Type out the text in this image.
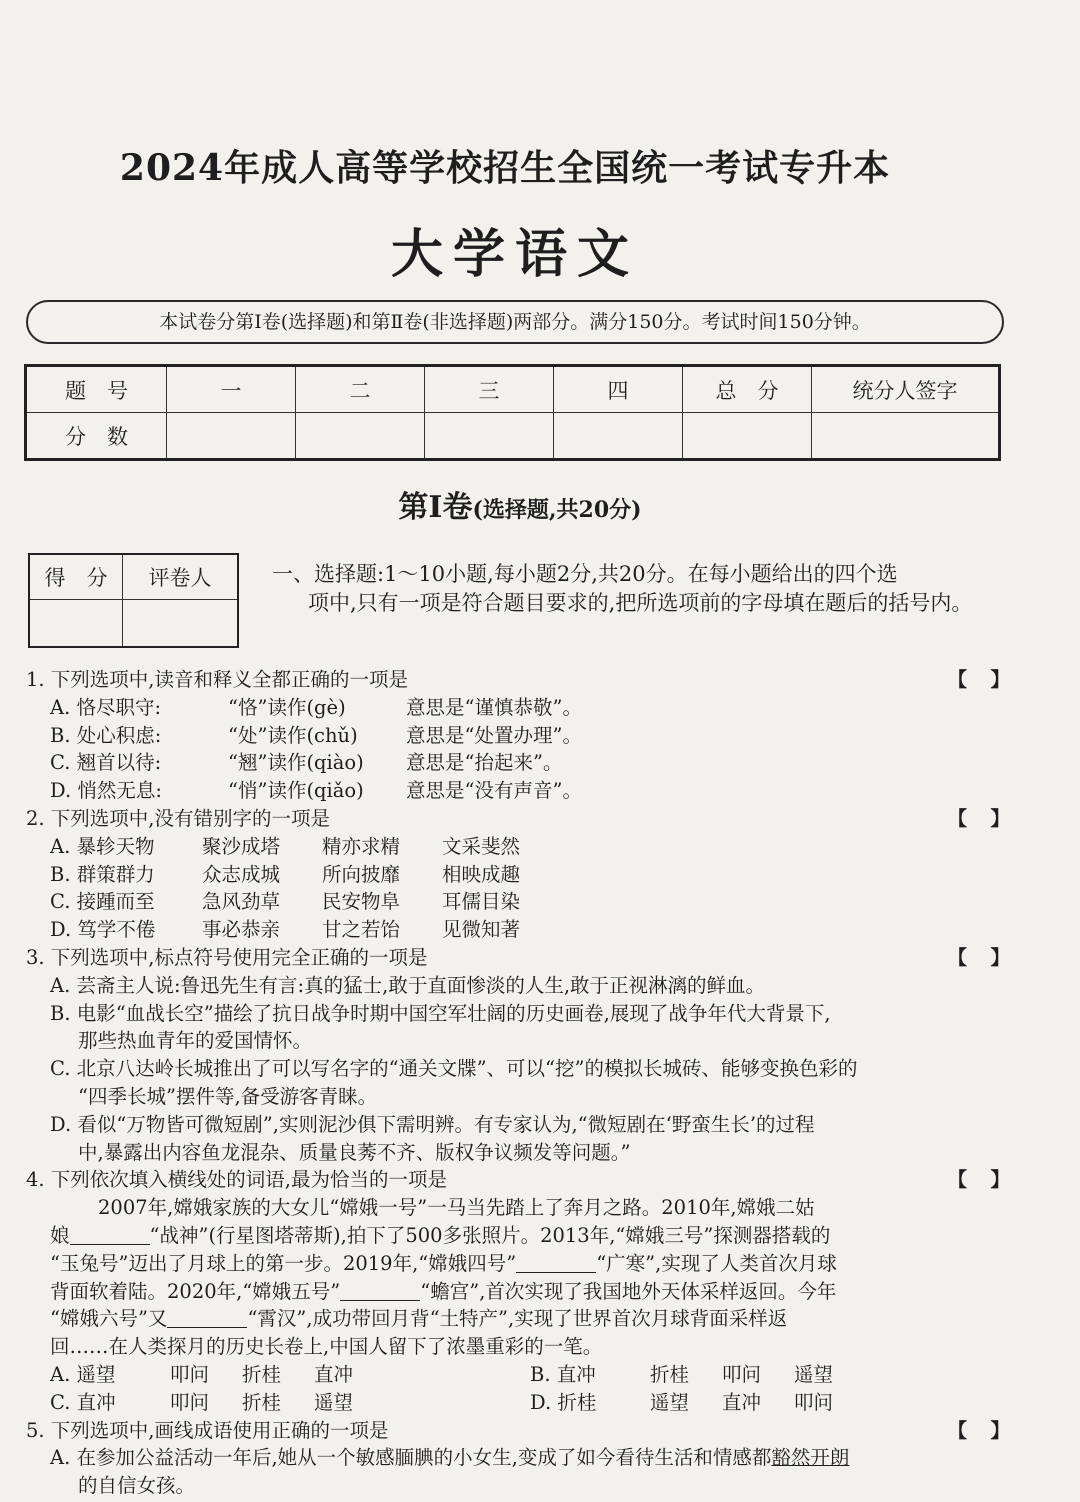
2024年成人高等学校招生全国统一考试专升本
大学语文
本试卷分第Ⅰ卷(选择题)和第Ⅱ卷(非选择题)两部分。满分150分。考试时间150分钟。
题　号	一	二	三	四	总　分	统分人签字
分　数						
第Ⅰ卷(选择题,共20分)
得　分	评卷人
		一、选择题:1～10小题,每小题2分,共20分。在每小题给出的四个选
项中,只有一项是符合题目要求的,把所选项前的字母填在题后的括号内。
1. 下列选项中,读音和释义全都正确的一项是	【　】
A. 恪尽职守:	“恪”读作(gè)	意思是“谨慎恭敬”。
B. 处心积虑:	“处”读作(chǔ) 意思是“处置办理”。
C. 翘首以待:	“翘”读作(qiào) 意思是“抬起来”。
D. 悄然无息:	“悄”读作(qiǎo) 意思是“没有声音”。
2. 下列选项中,没有错别字的一项是	【　】
A. 暴轸天物 聚沙成塔 精亦求精 文采斐然
B. 群策群力 众志成城 所向披靡 相映成趣
C. 接踵而至 急风劲草 民安物阜 耳儒目染
D. 笃学不倦 事必恭亲 甘之若饴 见微知著
3. 下列选项中,标点符号使用完全正确的一项是	【　】
A. 芸斋主人说:鲁迅先生有言:真的猛士,敢于直面惨淡的人生,敢于正视淋漓的鲜血。
B. 电影“血战长空”描绘了抗日战争时期中国空军壮阔的历史画卷,展现了战争年代大背景下,
那些热血青年的爱国情怀。
C. 北京八达岭长城推出了可以写名字的“通关文牒”、可以“挖”的模拟长城砖、能够变换色彩的
“四季长城”摆件等,备受游客青睐。
D. 看似“万物皆可微短剧”,实则泥沙俱下需明辨。有专家认为,“微短剧在‘野蛮生长’的过程
中,暴露出内容鱼龙混杂、质量良莠不齐、版权争议频发等问题。”
4. 下列依次填入横线处的词语,最为恰当的一项是	【　】
2007年,嫦娥家族的大女儿“嫦娥一号”一马当先踏上了奔月之路。2010年,嫦娥二姑
娘	“战神”(行星图塔蒂斯),拍下了500多张照片。2013年,“嫦娥三号”探测器搭载的
“玉兔号”迈出了月球上的第一步。2019年,“嫦娥四号”	“广寒”,实现了人类首次月球
背面软着陆。2020年,“嫦娥五号”	“蟾宫”,首次实现了我国地外天体采样返回。今年
“嫦娥六号”又	“霄汉”,成功带回月背“土特产”,实现了世界首次月球背面采样返
回……在人类探月的历史长卷上,中国人留下了浓墨重彩的一笔。
A. 遥望	叩问 折桂 直冲	B. 直冲	折桂 叩问 遥望
C. 直冲	叩问 折桂 遥望	D. 折桂	遥望 直冲 叩问
5. 下列选项中,画线成语使用正确的一项是	【　】
A. 在参加公益活动一年后,她从一个敏感腼腆的小女生,变成了如今看待生活和情感都豁然开朗
的自信女孩。
